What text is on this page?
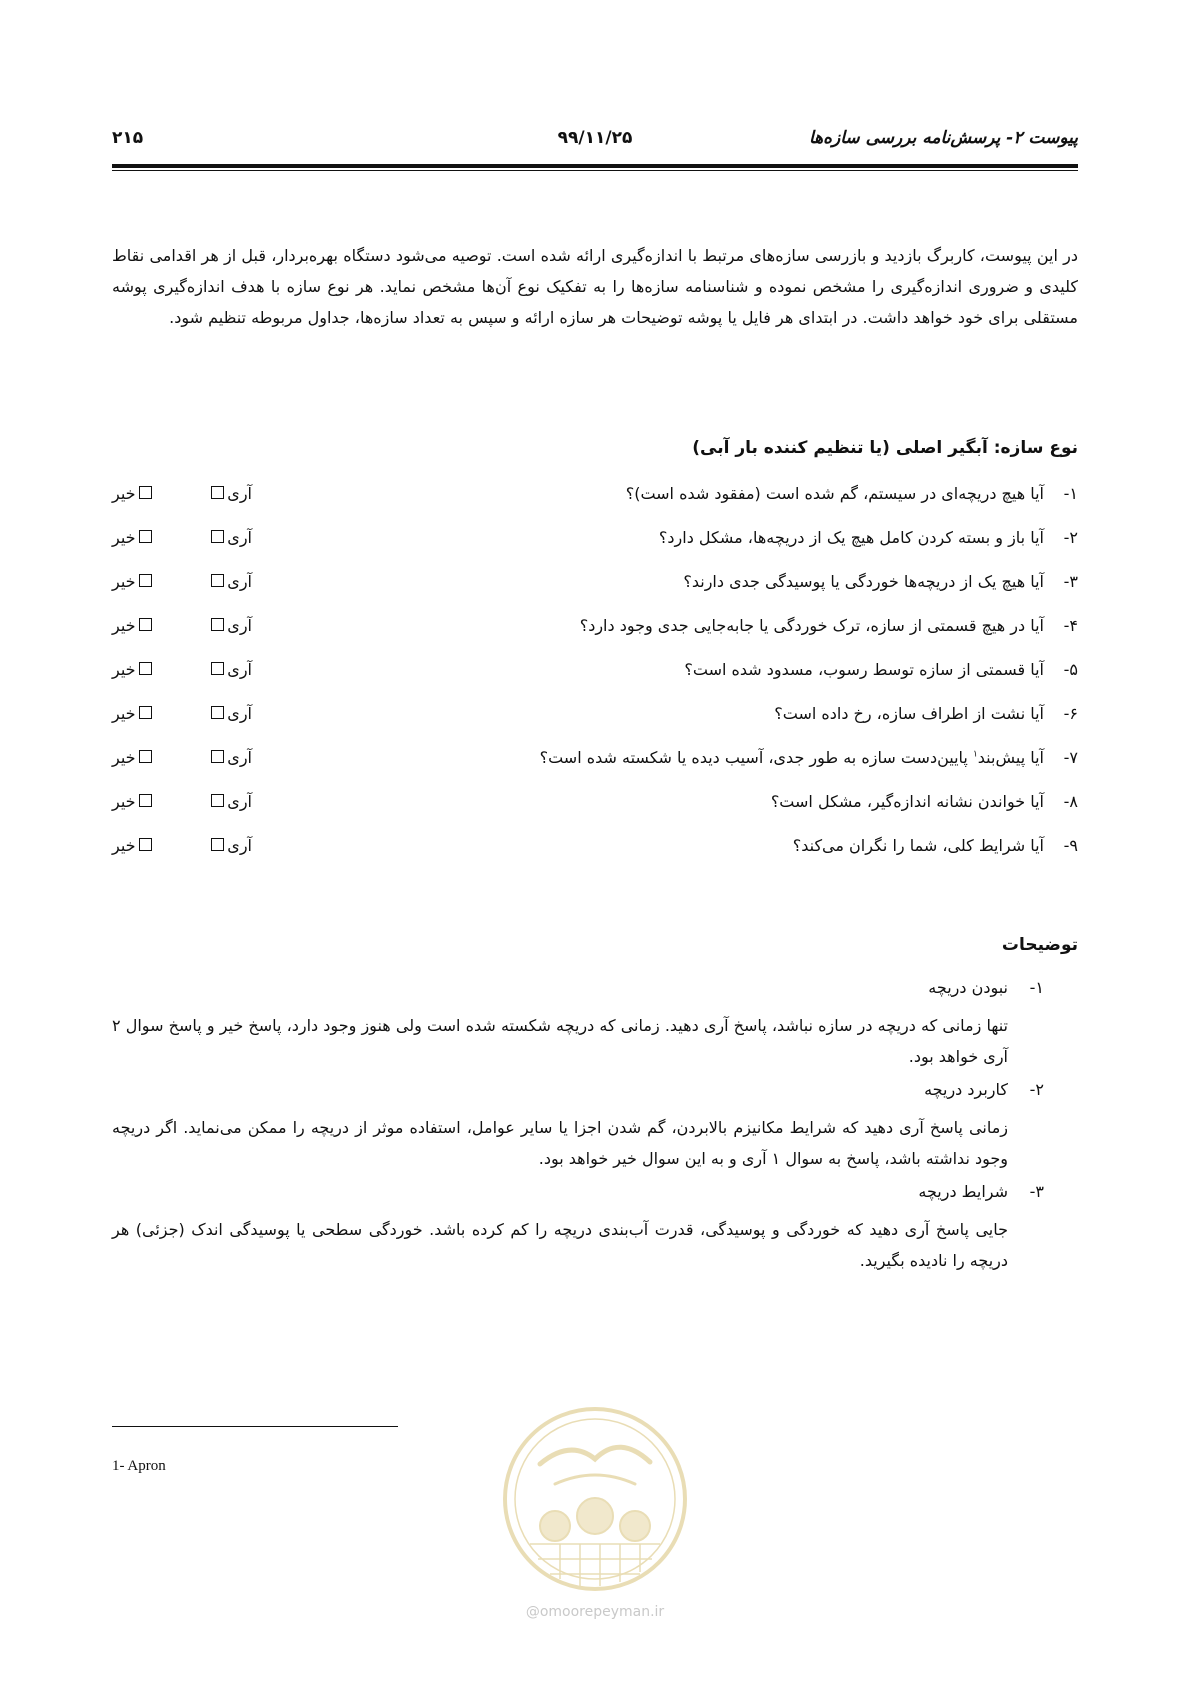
پیوست ۲- پرسش‌نامه بررسی سازه‌ها
۹۹/۱۱/۲۵
۲۱۵

در این پیوست، کاربرگ بازدید و بازرسی سازه‌های مرتبط با اندازه‌گیری ارائه شده است. توصیه می‌شود دستگاه بهره‌بردار، قبل از هر اقدامی نقاط کلیدی و ضروری اندازه‌گیری را مشخص نموده و شناسنامه سازه‌ها را به تفکیک نوع آن‌ها مشخص نماید. هر نوع سازه با هدف اندازه‌گیری پوشه مستقلی برای خود خواهد داشت. در ابتدای هر فایل یا پوشه توضیحات هر سازه ارائه و سپس به تعداد سازه‌ها، جداول مربوطه تنظیم شود.

نوع سازه: آبگیر اصلی (یا تنظیم کننده بار آبی)
۱-
آیا هیچ دریچه‌ای در سیستم، گم شده است (مفقود شده است)؟
آری
خیر
۲-
آیا باز و بسته کردن کامل هیچ یک از دریچه‌ها، مشکل دارد؟
آری
خیر
۳-
آیا هیچ یک از دریچه‌ها خوردگی یا پوسیدگی جدی دارند؟
آری
خیر
۴-
آیا در هیچ قسمتی از سازه، ترک خوردگی یا جابه‌جایی جدی وجود دارد؟
آری
خیر
۵-
آیا قسمتی از سازه توسط رسوب، مسدود شده است؟
آری
خیر
۶-
آیا نشت از اطراف سازه، رخ داده است؟
آری
خیر
۷-
آیا پیش‌بند$^۱$ پایین‌دست سازه به طور جدی، آسیب دیده یا شکسته شده است؟
آری
خیر
۸-
آیا خواندن نشانه اندازه‌گیر، مشکل است؟
آری
خیر
۹-
آیا شرایط کلی، شما را نگران می‌کند؟
آری
خیر
توضیحات
۱-
نبودن دریچه
تنها زمانی که دریچه در سازه نباشد، پاسخ آری دهید. زمانی که دریچه شکسته شده است ولی هنوز وجود دارد، پاسخ خیر و پاسخ سوال ۲ آری خواهد بود.
۲-
کاربرد دریچه
زمانی پاسخ آری دهید که شرایط مکانیزم بالابردن، گم شدن اجزا یا سایر عوامل، استفاده موثر از دریچه را ممکن می‌نماید. اگر دریچه وجود نداشته باشد، پاسخ به سوال ۱ آری و به این سوال خیر خواهد بود.
۳-
شرایط دریچه
جایی پاسخ آری دهید که خوردگی و پوسیدگی، قدرت آب‌بندی دریچه را کم کرده باشد. خوردگی سطحی یا پوسیدگی اندک (جزئی) هر دریچه را نادیده بگیرید.
1- Apron
@omoorepeyman.ir
